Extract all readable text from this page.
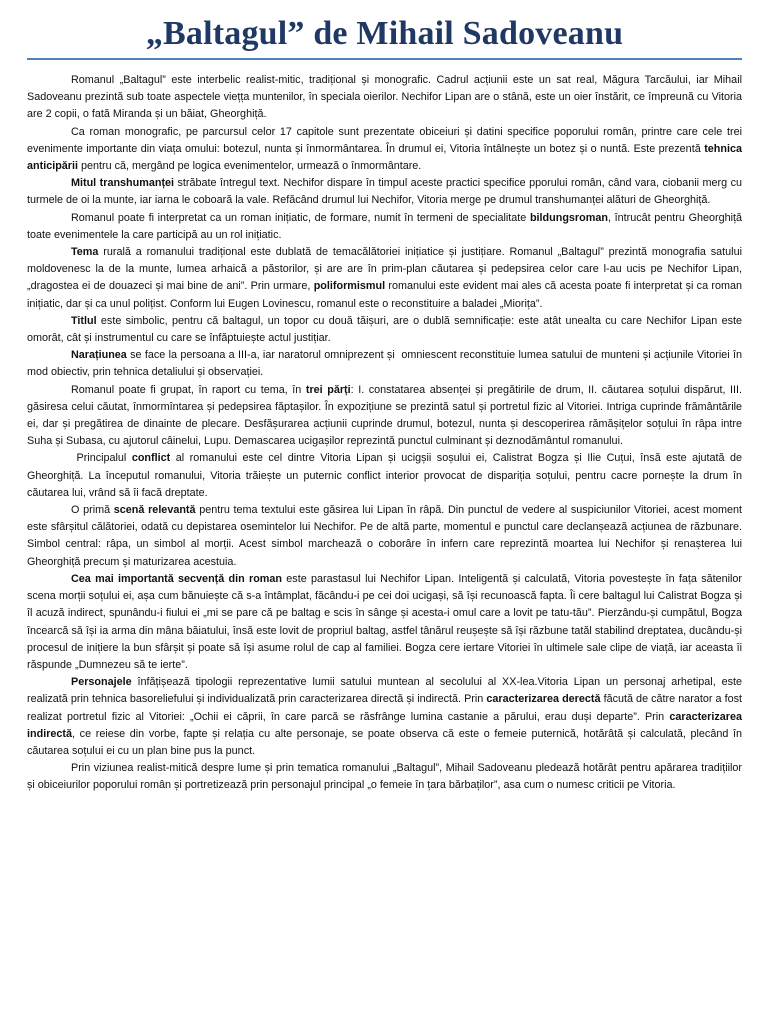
„Baltagul” de Mihail Sadoveanu

Romanul „Baltagul” este interbelic realist-mitic, tradițional și monografic. Cadrul acțiunii este un sat real, Măgura Tarcăului, iar Mihail Sadoveanu prezintă sub toate aspectele viețța muntenilor, în speciala oierilor. Nechifor Lipan are o stână, este un oier înstărit, ce împreună cu Vitoria are 2 copii, o fată Miranda și un băiat, Gheorghiță.

Ca roman monografic, pe parcursul celor 17 capitole sunt prezentate obiceiuri și datini specifice poporului român, printre care cele trei evenimente importante din viața omului: botezul, nunta și înmormântarea. În drumul ei, Vitoria întâlnește un botez și o nuntă. Este prezentă tehnica anticipării pentru că, mergând pe logica evenimentelor, urmează o înmormântare.

Mitul transhumanței străbate întregul text. Nechifor dispare în timpul aceste practici specifice pporului român, când vara, ciobanii merg cu turmele de oi la munte, iar iarna le coboară la vale. Refăcând drumul lui Nechifor, Vitoria merge pe drumul transhumanței alături de Gheorghiță.

Romanul poate fi interpretat ca un roman inițiatic, de formare, numit în termeni de specialitate bildungsroman, întrucât pentru Gheorghiță toate evenimentele la care participă au un rol inițiatic.

Tema rurală a romanului tradițional este dublată de temacălătoriei inițiatice și justițiare. Romanul „Baltagul” prezintă monografia satului moldovenesc la de la munte, lumea arhaică a păstorilor, și are are în prim-plan căutarea și pedepsirea celor care l-au ucis pe Nechifor Lipan, „dragostea ei de douazeci și mai bine de ani”. Prin urmare, poliformismul romanului este evident mai ales că acesta poate fi interpretat și ca roman inițiatic, dar și ca unul polițist. Conform lui Eugen Lovinescu, romanul este o reconstituire a baladei „Miorița”.

Titlul este simbolic, pentru că baltagul, un topor cu două tăișuri, are o dublă semnificație: este atât unealta cu care Nechifor Lipan este omorât, cât și instrumentul cu care se înfăptuiește actul justițiar.

Narațiunea se face la persoana a III-a, iar naratorul omniprezent și  omniescent reconstituie lumea satului de munteni și acțiunile Vitoriei în mod obiectiv, prin tehnica detaliului și observației.

Romanul poate fi grupat, în raport cu tema, în trei părți: I. constatarea absenței și pregătirile de drum, II. căutarea soțului dispărut, III. găsiresa celui căutat, înmormîntarea și pedepsirea făptașilor. În expozițiune se prezintă satul și portretul fizic al Vitoriei. Intriga cuprinde frământările ei, dar și pregătirea de dinainte de plecare. Desfășurarea acțiunii cuprinde drumul, botezul, nunta și descoperirea rămășițelor soțului în râpa intre Suha și Subasa, cu ajutorul câinelui, Lupu. Demascarea ucigașilor reprezintă punctul culminant și deznodământul romanului.

Principalul conflict al romanului este cel dintre Vitoria Lipan și ucigșii soșului ei, Calistrat Bogza și Ilie Cuțui, însă este ajutată de Gheorghiță. La începutul romanului, Vitoria trăiește un puternic conflict interior provocat de dispariția soțului, pentru cacre pornește la drum în căutarea lui, vrând să îi facă dreptate.

O primă scenă relevantă pentru tema textului este găsirea lui Lipan în râpă. Din punctul de vedere al suspiciunilor Vitoriei, acest moment este sfârșitul călătoriei, odată cu depistarea osemintelor lui Nechifor. Pe de altă parte, momentul e punctul care declanșează acțiunea de răzbunare. Simbol central: râpa, un simbol al morții. Acest simbol marchează o coborâre în infern care reprezintă moartea lui Nechifor și renașterea lui Gheorghiță precum și maturizarea acestuia.

Cea mai importantă secvență din roman este parastasul lui Nechifor Lipan. Inteligentă și calculată, Vitoria povestește în fața sătenilor scena morții soțului ei, așa cum bănuiește că s-a întâmplat, făcându-i pe cei doi ucigași, să își recunoască fapta. Îi cere baltagul lui Calistrat Bogza și îl acuză indirect, spunându-i fiului ei „mi se pare că pe baltag e scis în sânge și acesta-i omul care a lovit pe tatu-tău”. Pierzându-și cumpătul, Bogza încearcă să își ia arma din mâna băiatului, însă este lovit de propriul baltag, astfel tânărul reușește să își răzbune tatăl stabilind dreptatea, ducându-și procesul de inițiere la bun sfârșit și poate să își asume rolul de cap al familiei. Bogza cere iertare Vitoriei în ultimele sale clipe de viață, iar aceasta îi răspunde „Dumnezeu să te ierte”.

Personajele înfățișează tipologii reprezentative lumii satului muntean al secolului al XX-lea.Vitoria Lipan un personaj arhetipal, este realizată prin tehnica basoreliefului și individualizată prin caracterizarea directă și indirectă. Prin caracterizarea derectă făcută de către narator a fost realizat portretul fizic al Vitoriei: „Ochii ei căprii, în care parcă se răsfrânge lumina castanie a părului, erau duși departe”. Prin caracterizarea indirectă, ce reiese din vorbe, fapte și relația cu alte personaje, se poate observa că este o femeie puternică, hotărâtă și calculată, plecând în căutarea soțului ei cu un plan bine pus la punct.

Prin viziunea realist-mitică despre lume și prin tematica romanului „Baltagul”, Mihail Sadoveanu pledează hotărât pentru apărarea tradițiilor și obiceiurilor poporului român și portretizează prin personajul principal „o femeie în țara bărbaților”, asa cum o numesc criticii pe Vitoria.
